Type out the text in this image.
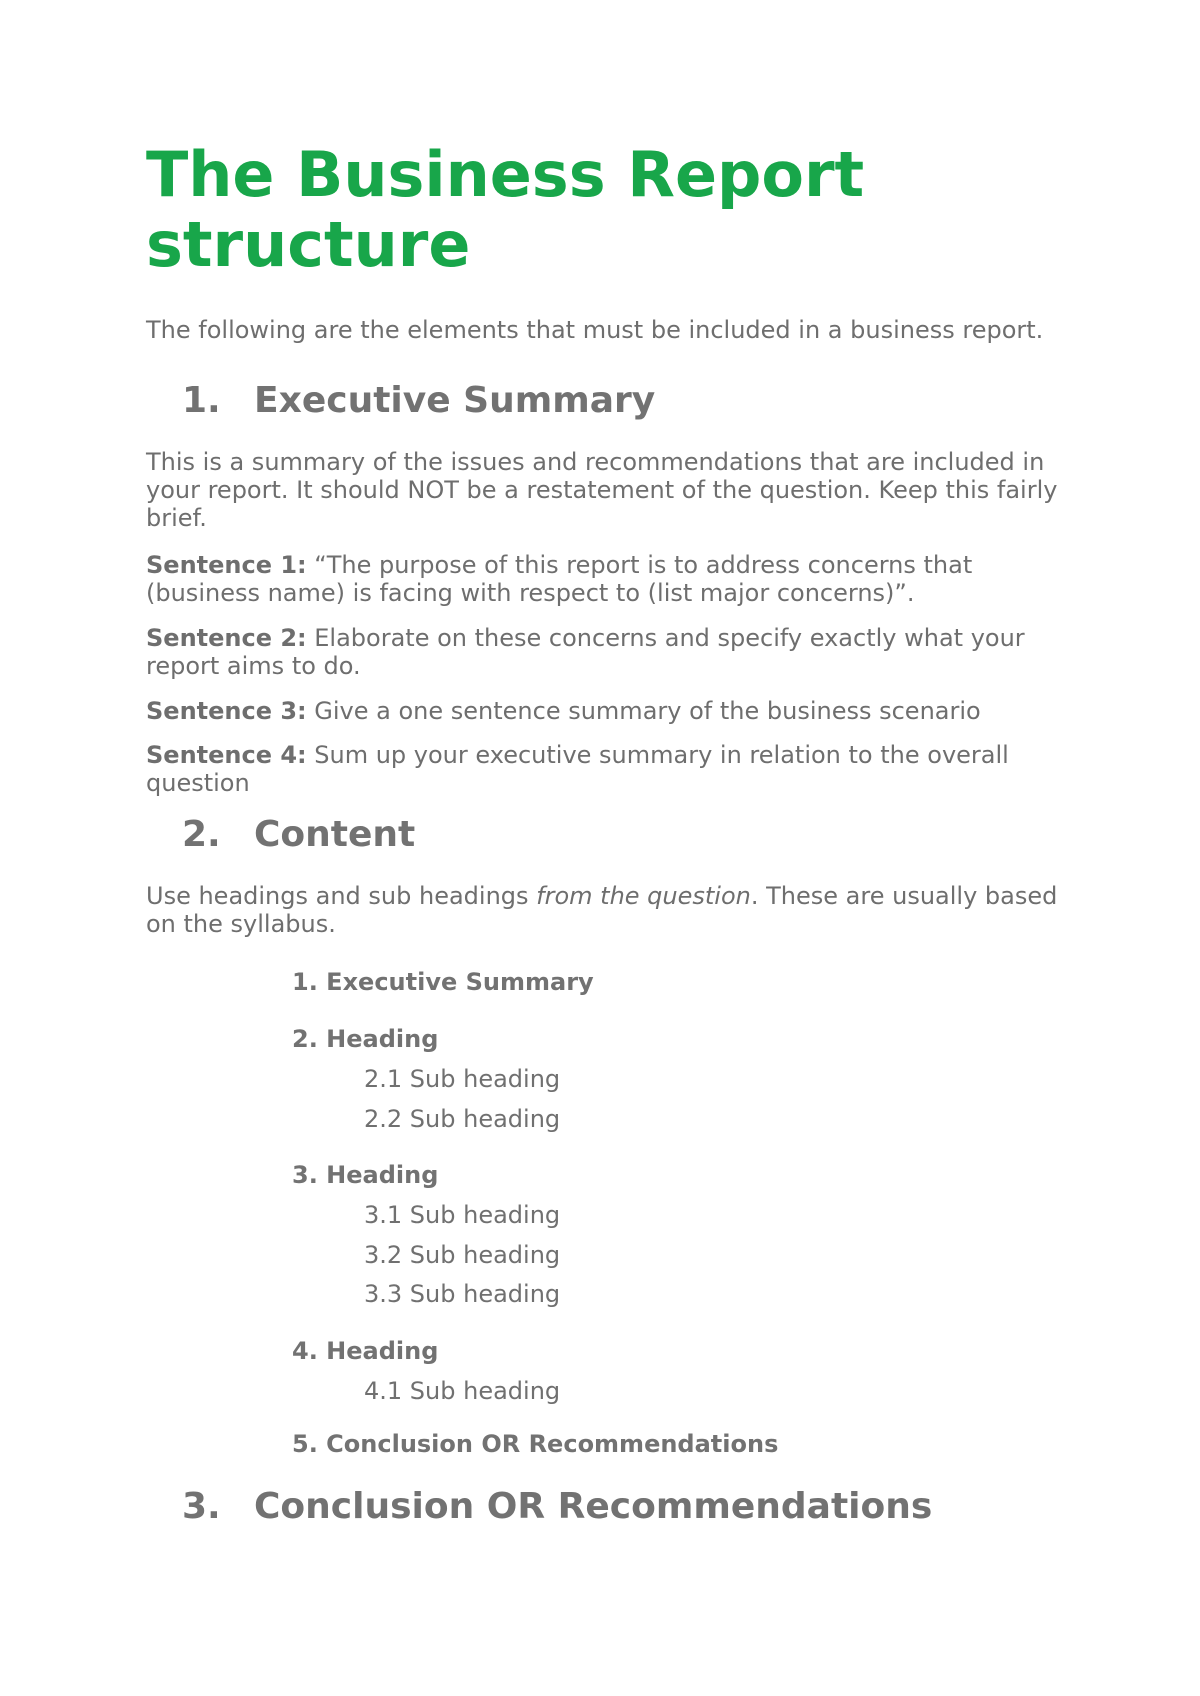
The Business Report structure

The following are the elements that must be included in a business report.

1. Executive Summary

This is a summary of the issues and recommendations that are included in your report. It should NOT be a restatement of the question. Keep this fairly brief.

Sentence 1: “The purpose of this report is to address concerns that (business name) is facing with respect to (list major concerns)”.

Sentence 2: Elaborate on these concerns and specify exactly what your report aims to do.

Sentence 3: Give a one sentence summary of the business scenario

Sentence 4: Sum up your executive summary in relation to the overall question

2. Content

Use headings and sub headings from the question. These are usually based on the syllabus.

1. Executive Summary
2. Heading
2.1 Sub heading
2.2 Sub heading
3. Heading
3.1 Sub heading
3.2 Sub heading
3.3 Sub heading
4. Heading
4.1 Sub heading
5. Conclusion OR Recommendations
3. Conclusion OR Recommendations
